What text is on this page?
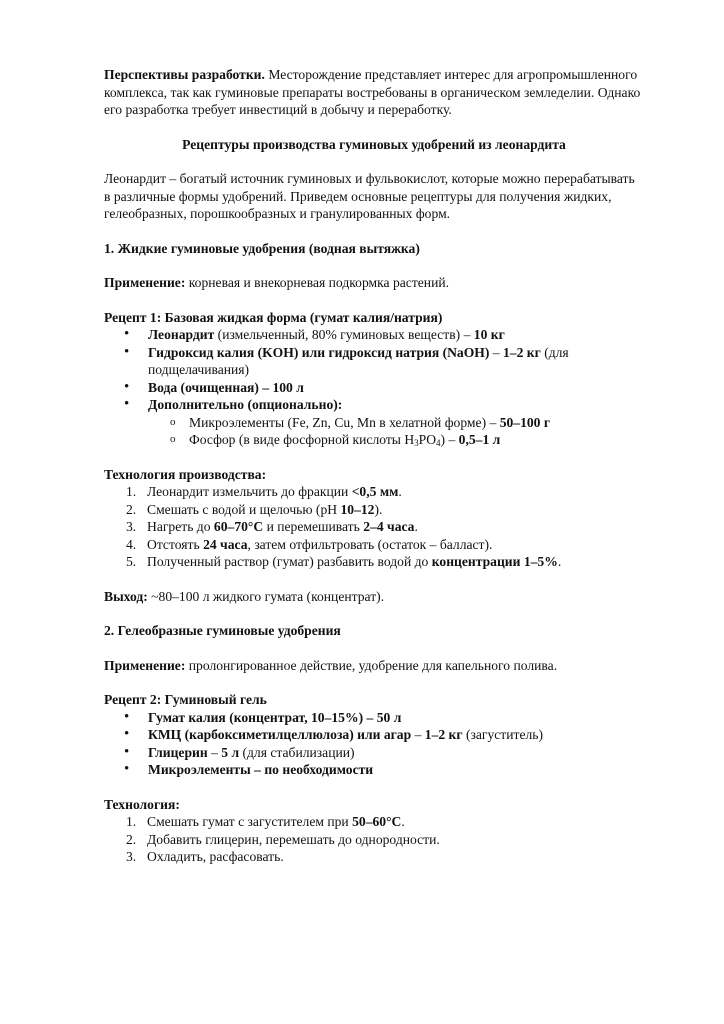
Перспективы разработки. Месторождение представляет интерес для агропромышленного комплекса, так как гуминовые препараты востребованы в органическом земледелии. Однако его разработка требует инвестиций в добычу и переработку.

Рецептуры производства гуминовых удобрений из леонардита

Леонардит – богатый источник гуминовых и фульвокислот, которые можно перерабатывать в различные формы удобрений. Приведем основные рецептуры для получения жидких, гелеобразных, порошкообразных и гранулированных форм.

1. Жидкие гуминовые удобрения (водная вытяжка)

Применение: корневая и внекорневая подкормка растений.

Рецепт 1: Базовая жидкая форма (гумат калия/натрия)

• Леонардит (измельченный, 80% гуминовых веществ) – 10 кг
• Гидроксид калия (KOH) или гидроксид натрия (NaOH) – 1–2 кг (для подщелачивания)
• Вода (очищенная) – 100 л
• Дополнительно (опционально):
o Микроэлементы (Fe, Zn, Cu, Mn в хелатной форме) – 50–100 г
o Фосфор (в виде фосфорной кислоты $H_3PO_4) - 0,5-1$ л

Технология производства:

1. Леонардит измельчить до фракции <0,5 мм.
2. Смешать с водой и щелочью (pH 10–12).
3. Нагреть до 60–70°C и перемешивать 2–4 часа.
4. Отстоять 24 часа, затем отфильтровать (остаток – балласт).
5. Полученный раствор (гумат) разбавить водой до концентрации 1–5%.

Выход: ~80–100 л жидкого гумата (концентрат).

2. Гелеобразные гуминовые удобрения

Применение: пролонгированное действие, удобрение для капельного полива.

Рецепт 2: Гуминовый гель

• Гумат калия (концентрат, 10–15%) – 50 л
• КМЦ (карбоксиметилцеллюлоза) или агар – 1–2 кг (загуститель)
• Глицерин – 5 л (для стабилизации)
• Микроэлементы – по необходимости

Технология:

1. Смешать гумат с загустителем при 50–60°C.
2. Добавить глицерин, перемешать до однородности.
3. Охладить, расфасовать.
